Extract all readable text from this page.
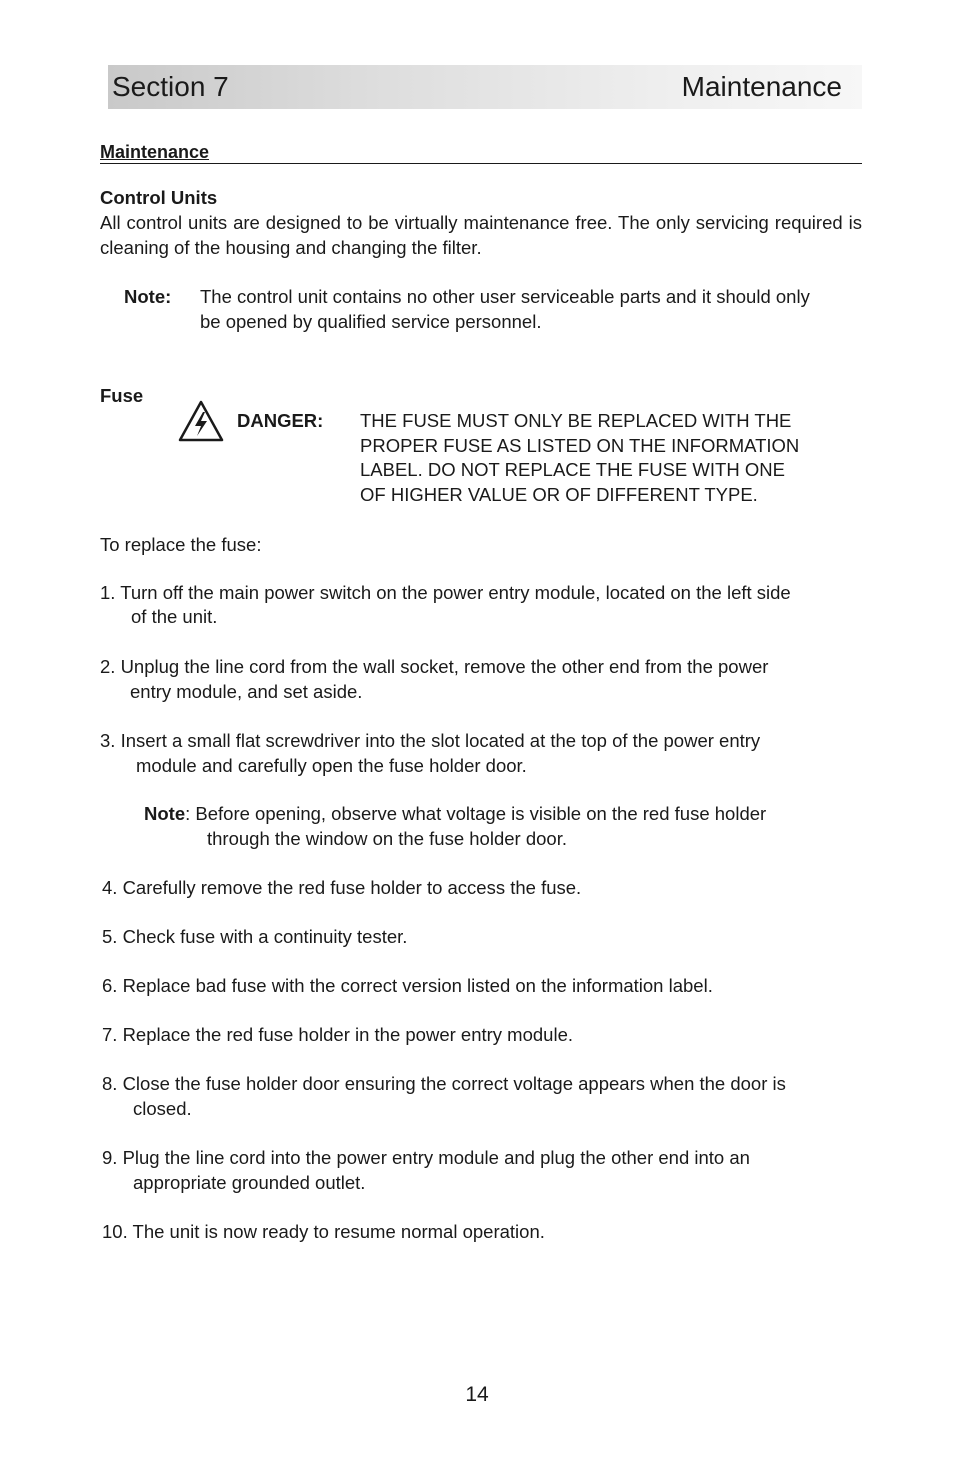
Section 7	Maintenance
Maintenance
Control Units
All control units are designed to be virtually maintenance free. The only servicing required is cleaning of the housing and changing the filter.
Note: The control unit contains no other user serviceable parts and it should only
be opened by qualified service personnel.
Fuse
DANGER: THE FUSE MUST ONLY BE REPLACED WITH THE
PROPER FUSE AS LISTED ON THE INFORMATION
LABEL. DO NOT REPLACE THE FUSE WITH ONE
OF HIGHER VALUE OR OF DIFFERENT TYPE.
To replace the fuse:
1. Turn off the main power switch on the power entry module, located on the left side
of the unit.
2. Unplug the line cord from the wall socket, remove the other end from the power
entry module, and set aside.
3. Insert a small flat screwdriver into the slot located at the top of the power entry
module and carefully open the fuse holder door.
Note: Before opening, observe what voltage is visible on the red fuse holder
through the window on the fuse holder door.
4. Carefully remove the red fuse holder to access the fuse.
5. Check fuse with a continuity tester.
6. Replace bad fuse with the correct version listed on the information label.
7. Replace the red fuse holder in the power entry module.
8. Close the fuse holder door ensuring the correct voltage appears when the door is
closed.
9. Plug the line cord into the power entry module and plug the other end into an
appropriate grounded outlet.
10. The unit is now ready to resume normal operation.
14
